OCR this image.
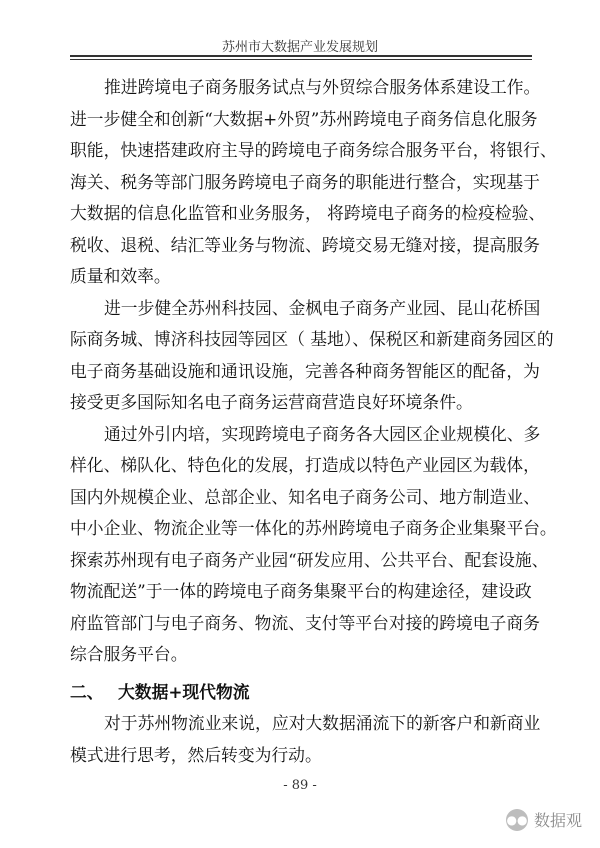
苏州市大数据产业发展规划
推进跨境电子商务服务试点与外贸综合服务体系建设工作。
进一步健全和创新“大数据+外贸”苏州跨境电子商务信息化服务
职能，快速搭建政府主导的跨境电子商务综合服务平台，将银行、
海关、税务等部门服务跨境电子商务的职能进行整合，实现基于
大数据的信息化监管和业务服务， 将跨境电子商务的检疫检验、
税收、退税、结汇等业务与物流、跨境交易无缝对接，提高服务
质量和效率。
进一步健全苏州科技园、金枫电子商务产业园、昆山花桥国
际商务城、博济科技园等园区（ 基地）、保税区和新建商务园区的
电子商务基础设施和通讯设施，完善各种商务智能区的配备，为
接受更多国际知名电子商务运营商营造良好环境条件。
通过外引内培，实现跨境电子商务各大园区企业规模化、多
样化、梯队化、特色化的发展，打造成以特色产业园区为载体，
国内外规模企业、总部企业、知名电子商务公司、地方制造业、
中小企业、物流企业等一体化的苏州跨境电子商务企业集聚平台。
探索苏州现有电子商务产业园“研发应用、公共平台、配套设施、
物流配送”于一体的跨境电子商务集聚平台的构建途径，建设政
府监管部门与电子商务、物流、支付等平台对接的跨境电子商务
综合服务平台。
二、 大数据+现代物流
对于苏州物流业来说，应对大数据涌流下的新客户和新商业
模式进行思考，然后转变为行动。
- 89 -
●● 数据观
